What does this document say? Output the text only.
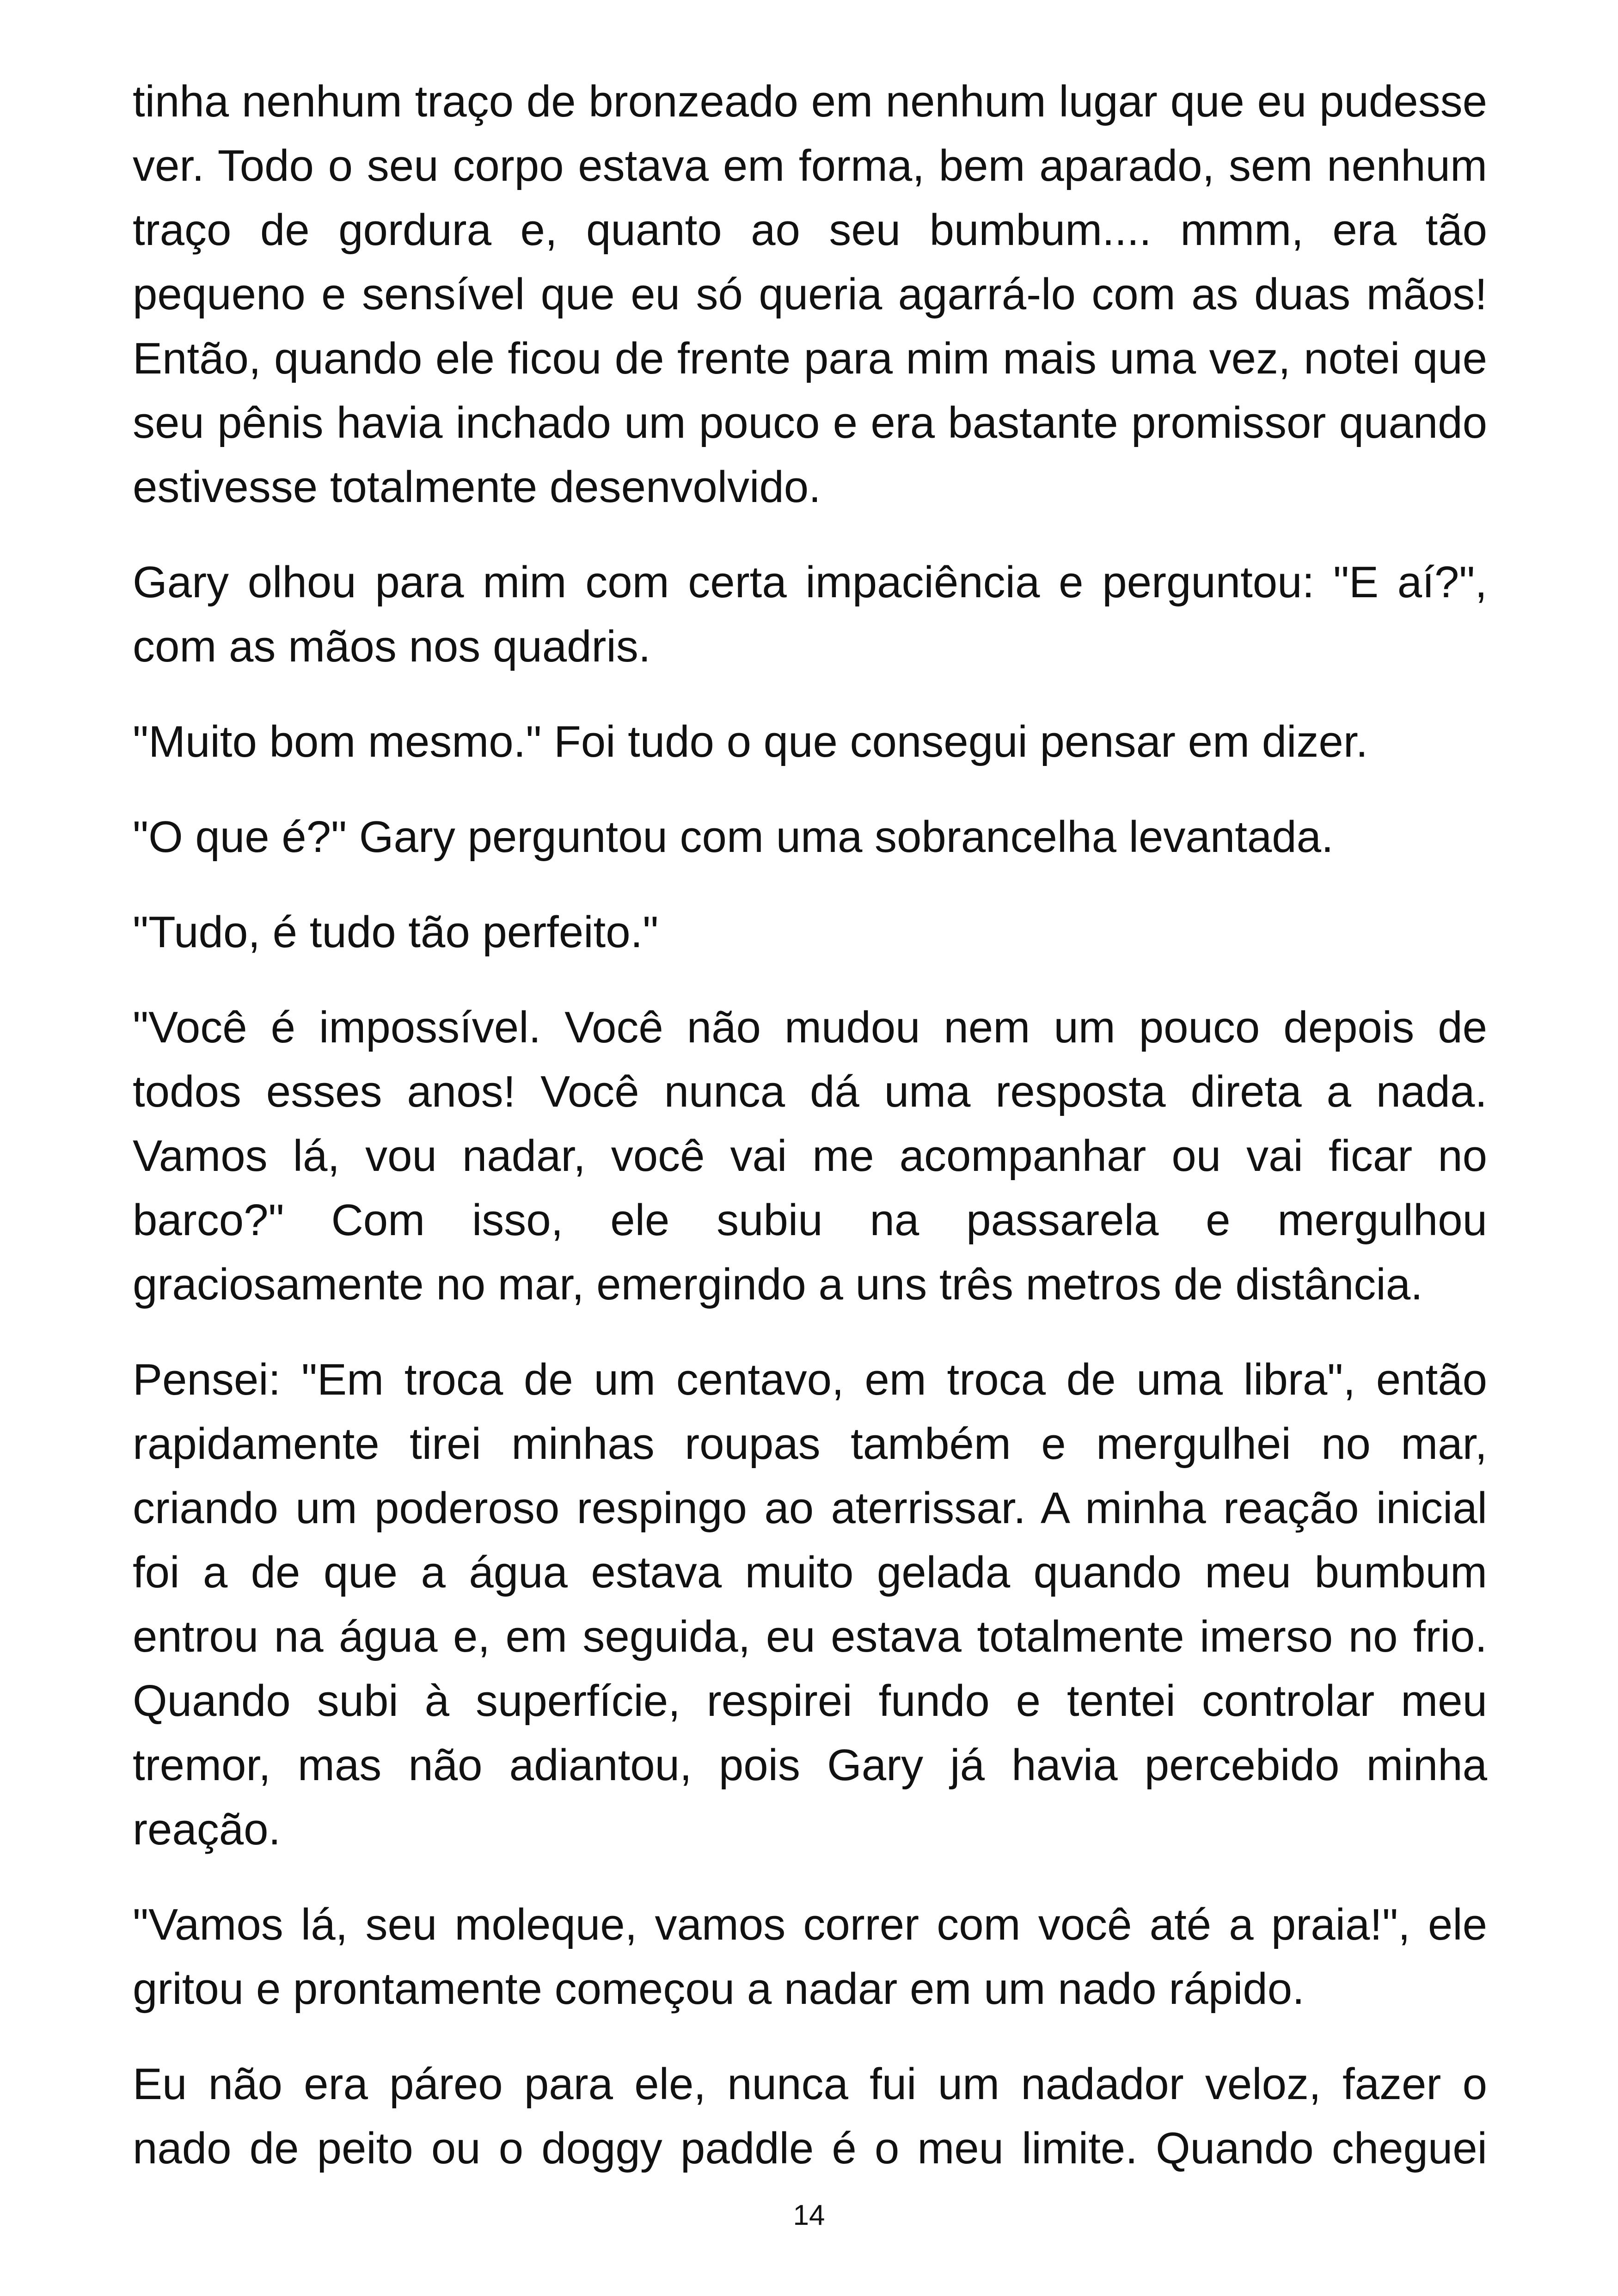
tinha nenhum traço de bronzeado em nenhum lugar que eu pudesse ver. Todo o seu corpo estava em forma, bem aparado, sem nenhum traço de gordura e, quanto ao seu bumbum.... mmm, era tão pequeno e sensível que eu só queria agarrá-lo com as duas mãos! Então, quando ele ficou de frente para mim mais uma vez, notei que seu pênis havia inchado um pouco e era bastante promissor quando estivesse totalmente desenvolvido.

Gary olhou para mim com certa impaciência e perguntou: "E aí?", com as mãos nos quadris.

"Muito bom mesmo." Foi tudo o que consegui pensar em dizer.

"O que é?" Gary perguntou com uma sobrancelha levantada.

"Tudo, é tudo tão perfeito."

"Você é impossível. Você não mudou nem um pouco depois de todos esses anos! Você nunca dá uma resposta direta a nada. Vamos lá, vou nadar, você vai me acompanhar ou vai ficar no barco?" Com isso, ele subiu na passarela e mergulhou graciosamente no mar, emergindo a uns três metros de distância.

Pensei: "Em troca de um centavo, em troca de uma libra", então rapidamente tirei minhas roupas também e mergulhei no mar, criando um poderoso respingo ao aterrissar. A minha reação inicial foi a de que a água estava muito gelada quando meu bumbum entrou na água e, em seguida, eu estava totalmente imerso no frio. Quando subi à superfície, respirei fundo e tentei controlar meu tremor, mas não adiantou, pois Gary já havia percebido minha reação.

"Vamos lá, seu moleque, vamos correr com você até a praia!", ele gritou e prontamente começou a nadar em um nado rápido.

Eu não era páreo para ele, nunca fui um nadador veloz, fazer o nado de peito ou o doggy paddle é o meu limite. Quando cheguei

14
